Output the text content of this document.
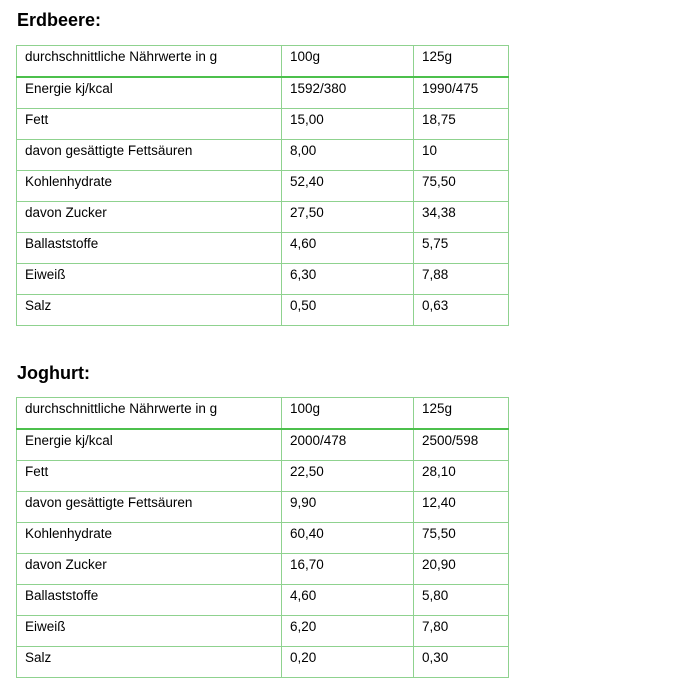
Erdbeere:
durchschnittliche Nährwerte in g	100g	125g
Energie kj/kcal	1592/380	1990/475
Fett	15,00	18,75
davon gesättigte Fettsäuren	8,00	10
Kohlenhydrate	52,40	75,50
davon Zucker	27,50	34,38
Ballaststoffe	4,60	5,75
Eiweiß	6,30	7,88
Salz	0,50	0,63
Joghurt:
durchschnittliche Nährwerte in g	100g	125g
Energie kj/kcal	2000/478	2500/598
Fett	22,50	28,10
davon gesättigte Fettsäuren	9,90	12,40
Kohlenhydrate	60,40	75,50
davon Zucker	16,70	20,90
Ballaststoffe	4,60	5,80
Eiweiß	6,20	7,80
Salz	0,20	0,30
